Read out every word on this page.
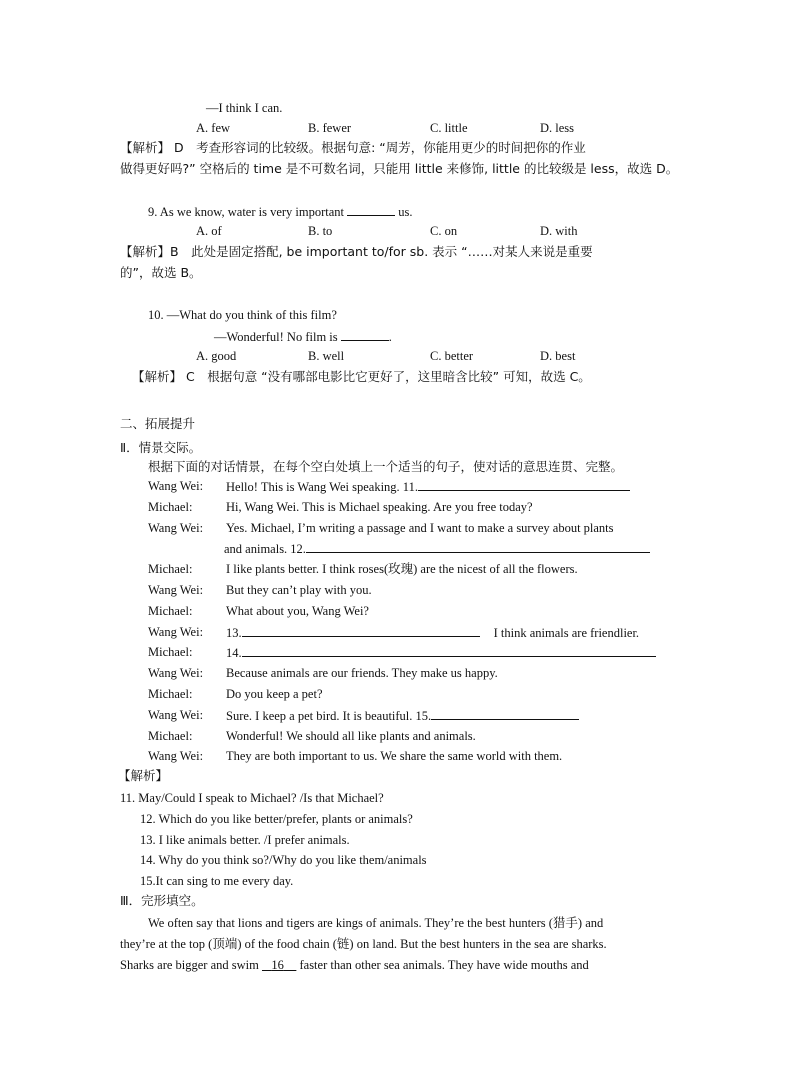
—I think I can.
A. few	B. fewer	C. little	D. less
【解析】 D　考查形容词的比较级。根据句意: “周芳，你能用更少的时间把你的作业
做得更好吗?” 空格后的 time 是不可数名词，只能用 little 来修饰, little 的比较级是 less，故选 D。
9. As we know, water is very important	us.
A. of	B. to	C. on	D. with
【解析】B　此处是固定搭配, be important to/for sb. 表示 “……对某人来说是重要
的”，故选 B。
10. —What do you think of this film?
—Wonderful! No film is	.
A. good	B. well	C. better	D. best
【解析】 C　根据句意 “没有哪部电影比它更好了，这里暗含比较” 可知，故选 C。
二、拓展提升
Ⅱ．情景交际。
根据下面的对话情景，在每个空白处填上一个适当的句子，使对话的意思连贯、完整。
Wang Wei: Hello! This is Wang Wei speaking. 11.
Michael:	Hi, Wang Wei. This is Michael speaking. Are you free today?
Wang Wei: Yes. Michael, I’m writing a passage and I want to make a survey about plants
and animals. 12.
Michael:	I like plants better. I think roses(玫瑰) are the nicest of all the flowers.
Wang Wei: But they can’t play with you.
Michael:	What about you, Wang Wei?
Wang Wei: 13.	I think animals are friendlier.
Michael:	14.
Wang Wei: Because animals are our friends. They make us happy.
Michael:	Do you keep a pet?
Wang Wei: Sure. I keep a pet bird. It is beautiful. 15.
Michael:	Wonderful! We should all like plants and animals.
Wang Wei: They are both important to us. We share the same world with them.
【解析】
11. May/Could I speak to Michael? /Is that Michael?
12. Which do you like better/prefer, plants or animals?
13. I like animals better. /I prefer animals.
14. Why do you think so?/Why do you like them/animals
15.It can sing to me every day.
Ⅲ．完形填空。
We often say that lions and tigers are kings of animals. They’re the best hunters (猎手) and
they’re at the top (顶端) of the food chain (链) on land. But the best hunters in the sea are sharks.
Sharks are bigger and swim    16     faster than other sea animals. They have wide mouths and
